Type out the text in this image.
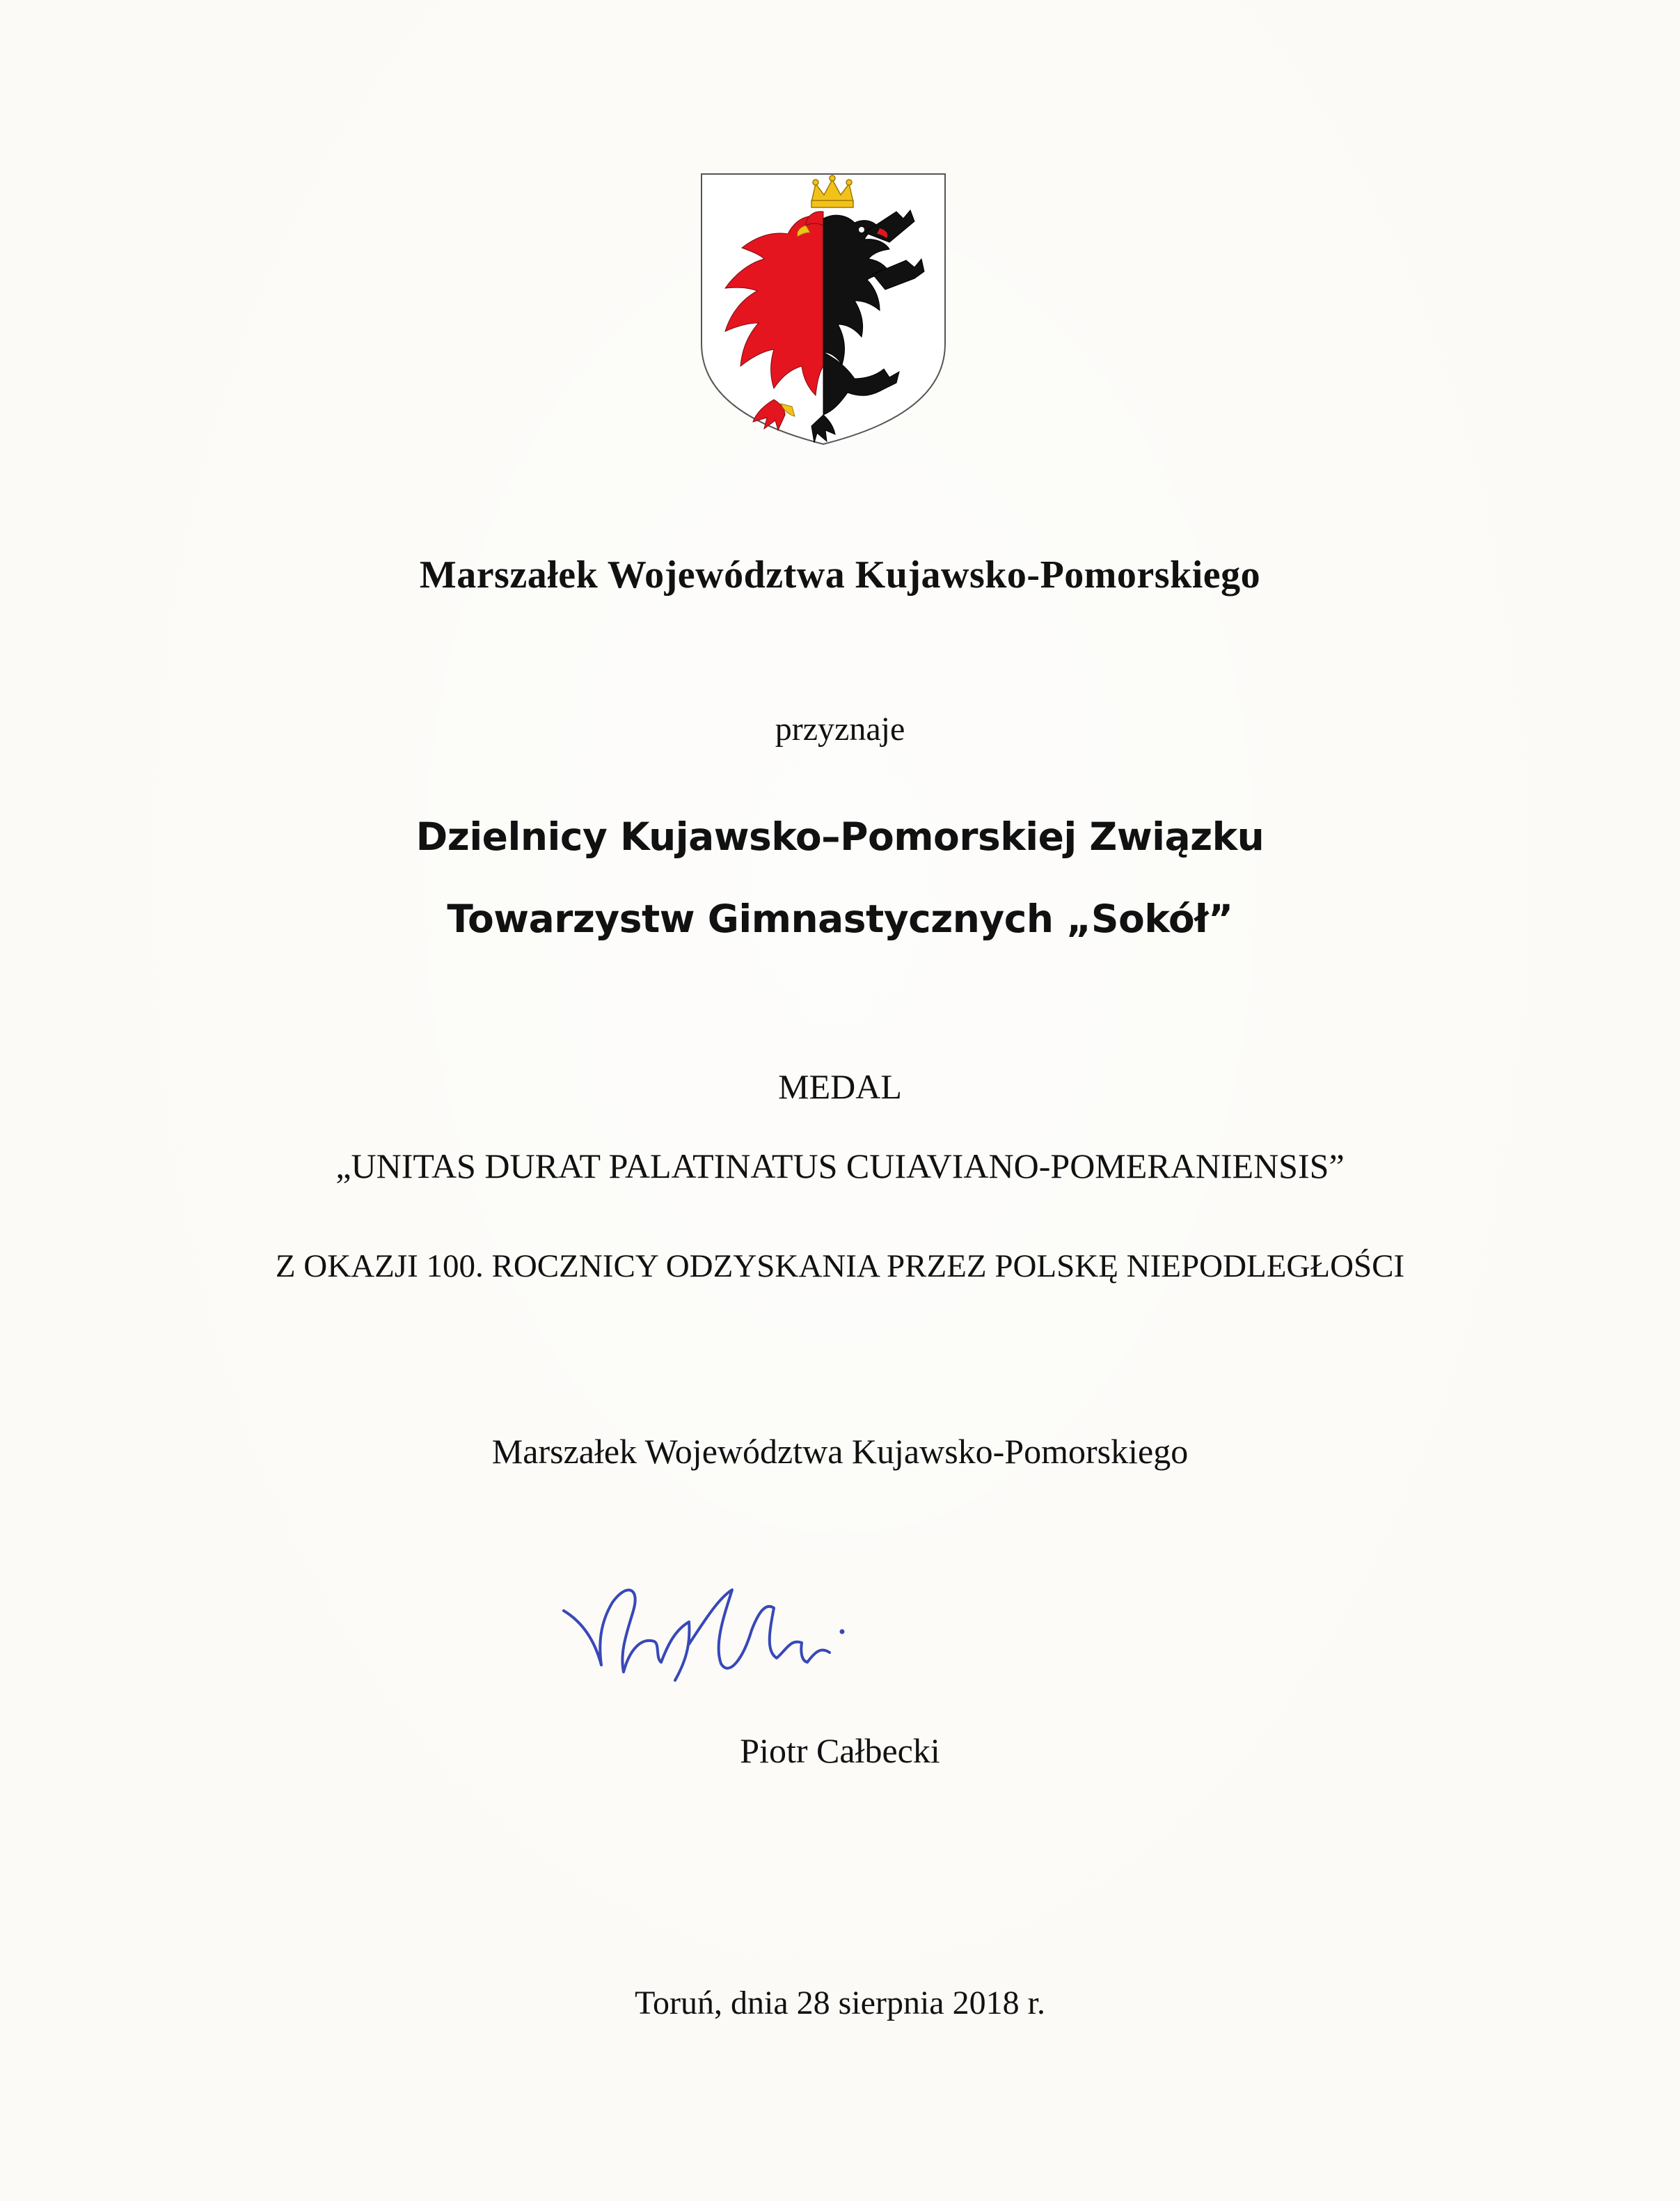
Marszałek Województwa Kujawsko-Pomorskiego
przyznaje
Dzielnicy Kujawsko–Pomorskiej Związku
Towarzystw Gimnastycznych „Sokół”
MEDAL
„UNITAS DURAT PALATINATUS CUIAVIANO-POMERANIENSIS”
Z OKAZJI 100. ROCZNICY ODZYSKANIA PRZEZ POLSKĘ NIEPODLEGŁOŚCI
Marszałek Województwa Kujawsko-Pomorskiego
Piotr Całbecki
Toruń, dnia 28 sierpnia 2018 r.
